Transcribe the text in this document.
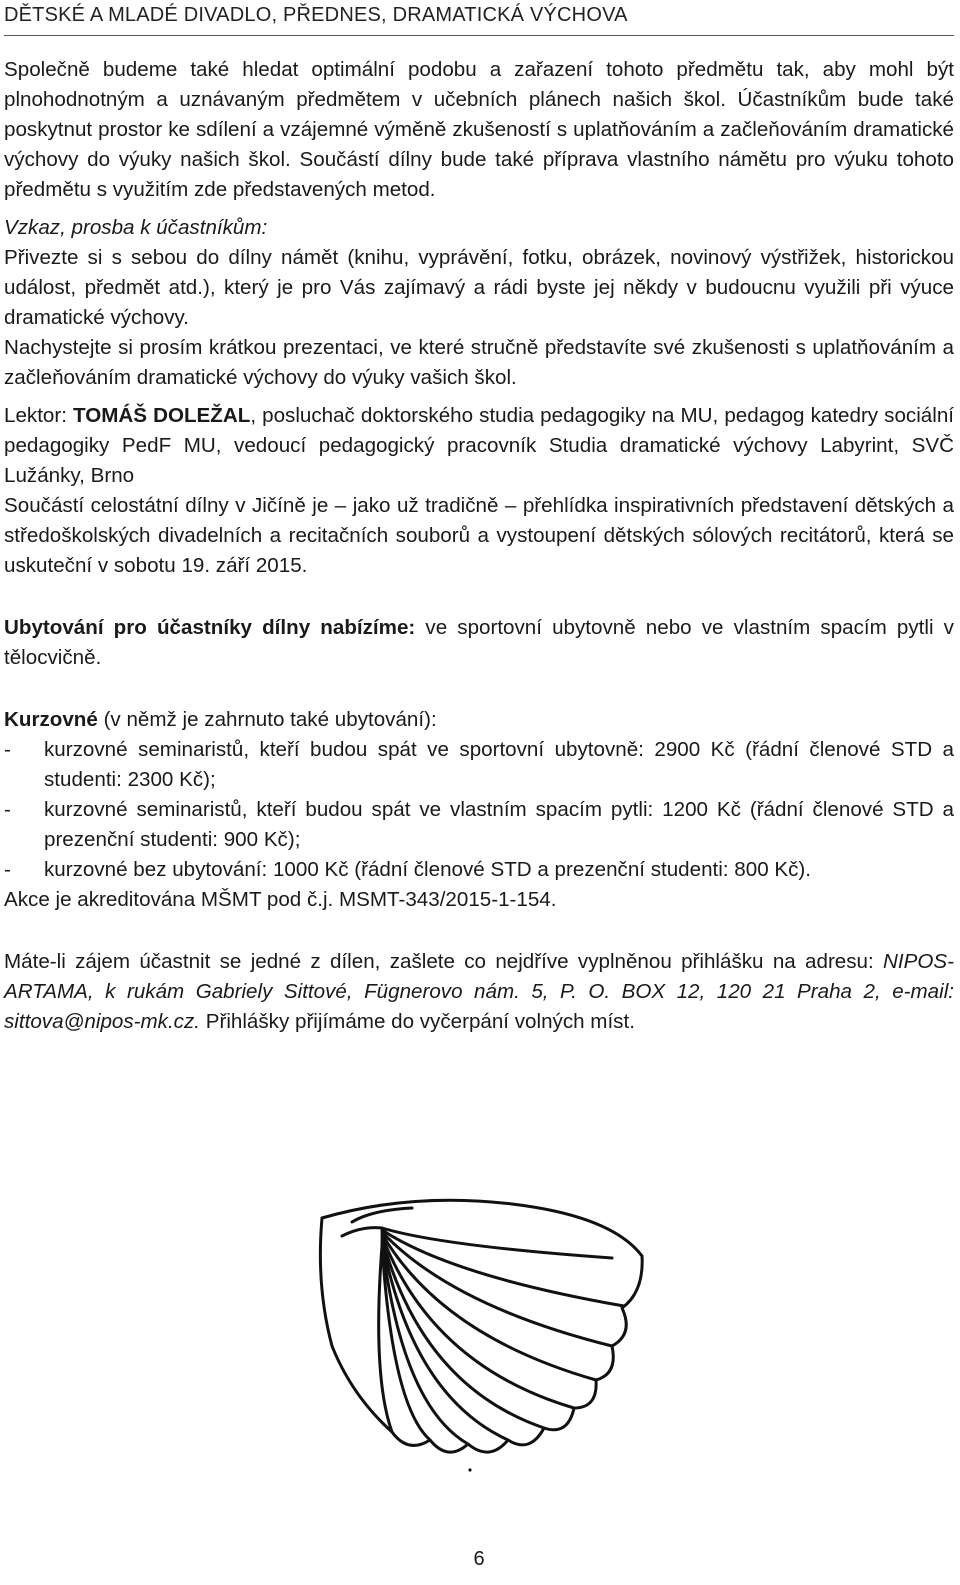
DĚTSKÉ A MLADÉ DIVADLO, PŘEDNES, DRAMATICKÁ VÝCHOVA

Společně budeme také hledat optimální podobu a zařazení tohoto předmětu tak, aby mohl být plnohodnotným a uznávaným předmětem v učebních plánech našich škol. Účastníkům bude také poskytnut prostor ke sdílení a vzájemné výměně zkušeností s uplatňováním a začleňováním dramatické výchovy do výuky našich škol. Součástí dílny bude také příprava vlastního námětu pro výuku tohoto předmětu s využitím zde představených metod.

Vzkaz, prosba k účastníkům:

Přivezte si s sebou do dílny námět (knihu, vyprávění, fotku, obrázek, novinový výstřižek, historickou událost, předmět atd.), který je pro Vás zajímavý a rádi byste jej někdy v budoucnu využili při výuce dramatické výchovy.

Nachystejte si prosím krátkou prezentaci, ve které stručně představíte své zkušenosti s uplatňováním a začleňováním dramatické výchovy do výuky vašich škol.

Lektor: TOMÁŠ DOLEŽAL, posluchač doktorského studia pedagogiky na MU, pedagog katedry sociální pedagogiky PedF MU, vedoucí pedagogický pracovník Studia dramatické výchovy Labyrint, SVČ Lužánky, Brno

Součástí celostátní dílny v Jičíně je – jako už tradičně – přehlídka inspirativních představení dětských a středoškolských divadelních a recitačních souborů a vystoupení dětských sólových recitátorů, která se uskuteční v sobotu 19. září 2015.

Ubytování pro účastníky dílny nabízíme: ve sportovní ubytovně nebo ve vlastním spacím pytli v tělocvičně.

Kurzovné (v němž je zahrnuto také ubytování):

- kurzovné seminaristů, kteří budou spát ve sportovní ubytovně: 2900 Kč (řádní členové STD a studenti: 2300 Kč);
- kurzovné seminaristů, kteří budou spát ve vlastním spacím pytli: 1200 Kč (řádní členové STD a prezenční studenti: 900 Kč);
- kurzovné bez ubytování: 1000 Kč (řádní členové STD a prezenční studenti: 800 Kč).

Akce je akreditována MŠMT pod č.j. MSMT-343/2015-1-154.

Máte-li zájem účastnit se jedné z dílen, zašlete co nejdříve vyplněnou přihlášku na adresu: NIPOS-ARTAMA, k rukám Gabriely Sittové, Fügnerovo nám. 5, P. O. BOX 12, 120 21 Praha 2, e-mail: sittova@nipos-mk.cz. Přihlášky přijímáme do vyčerpání volných míst.

6
